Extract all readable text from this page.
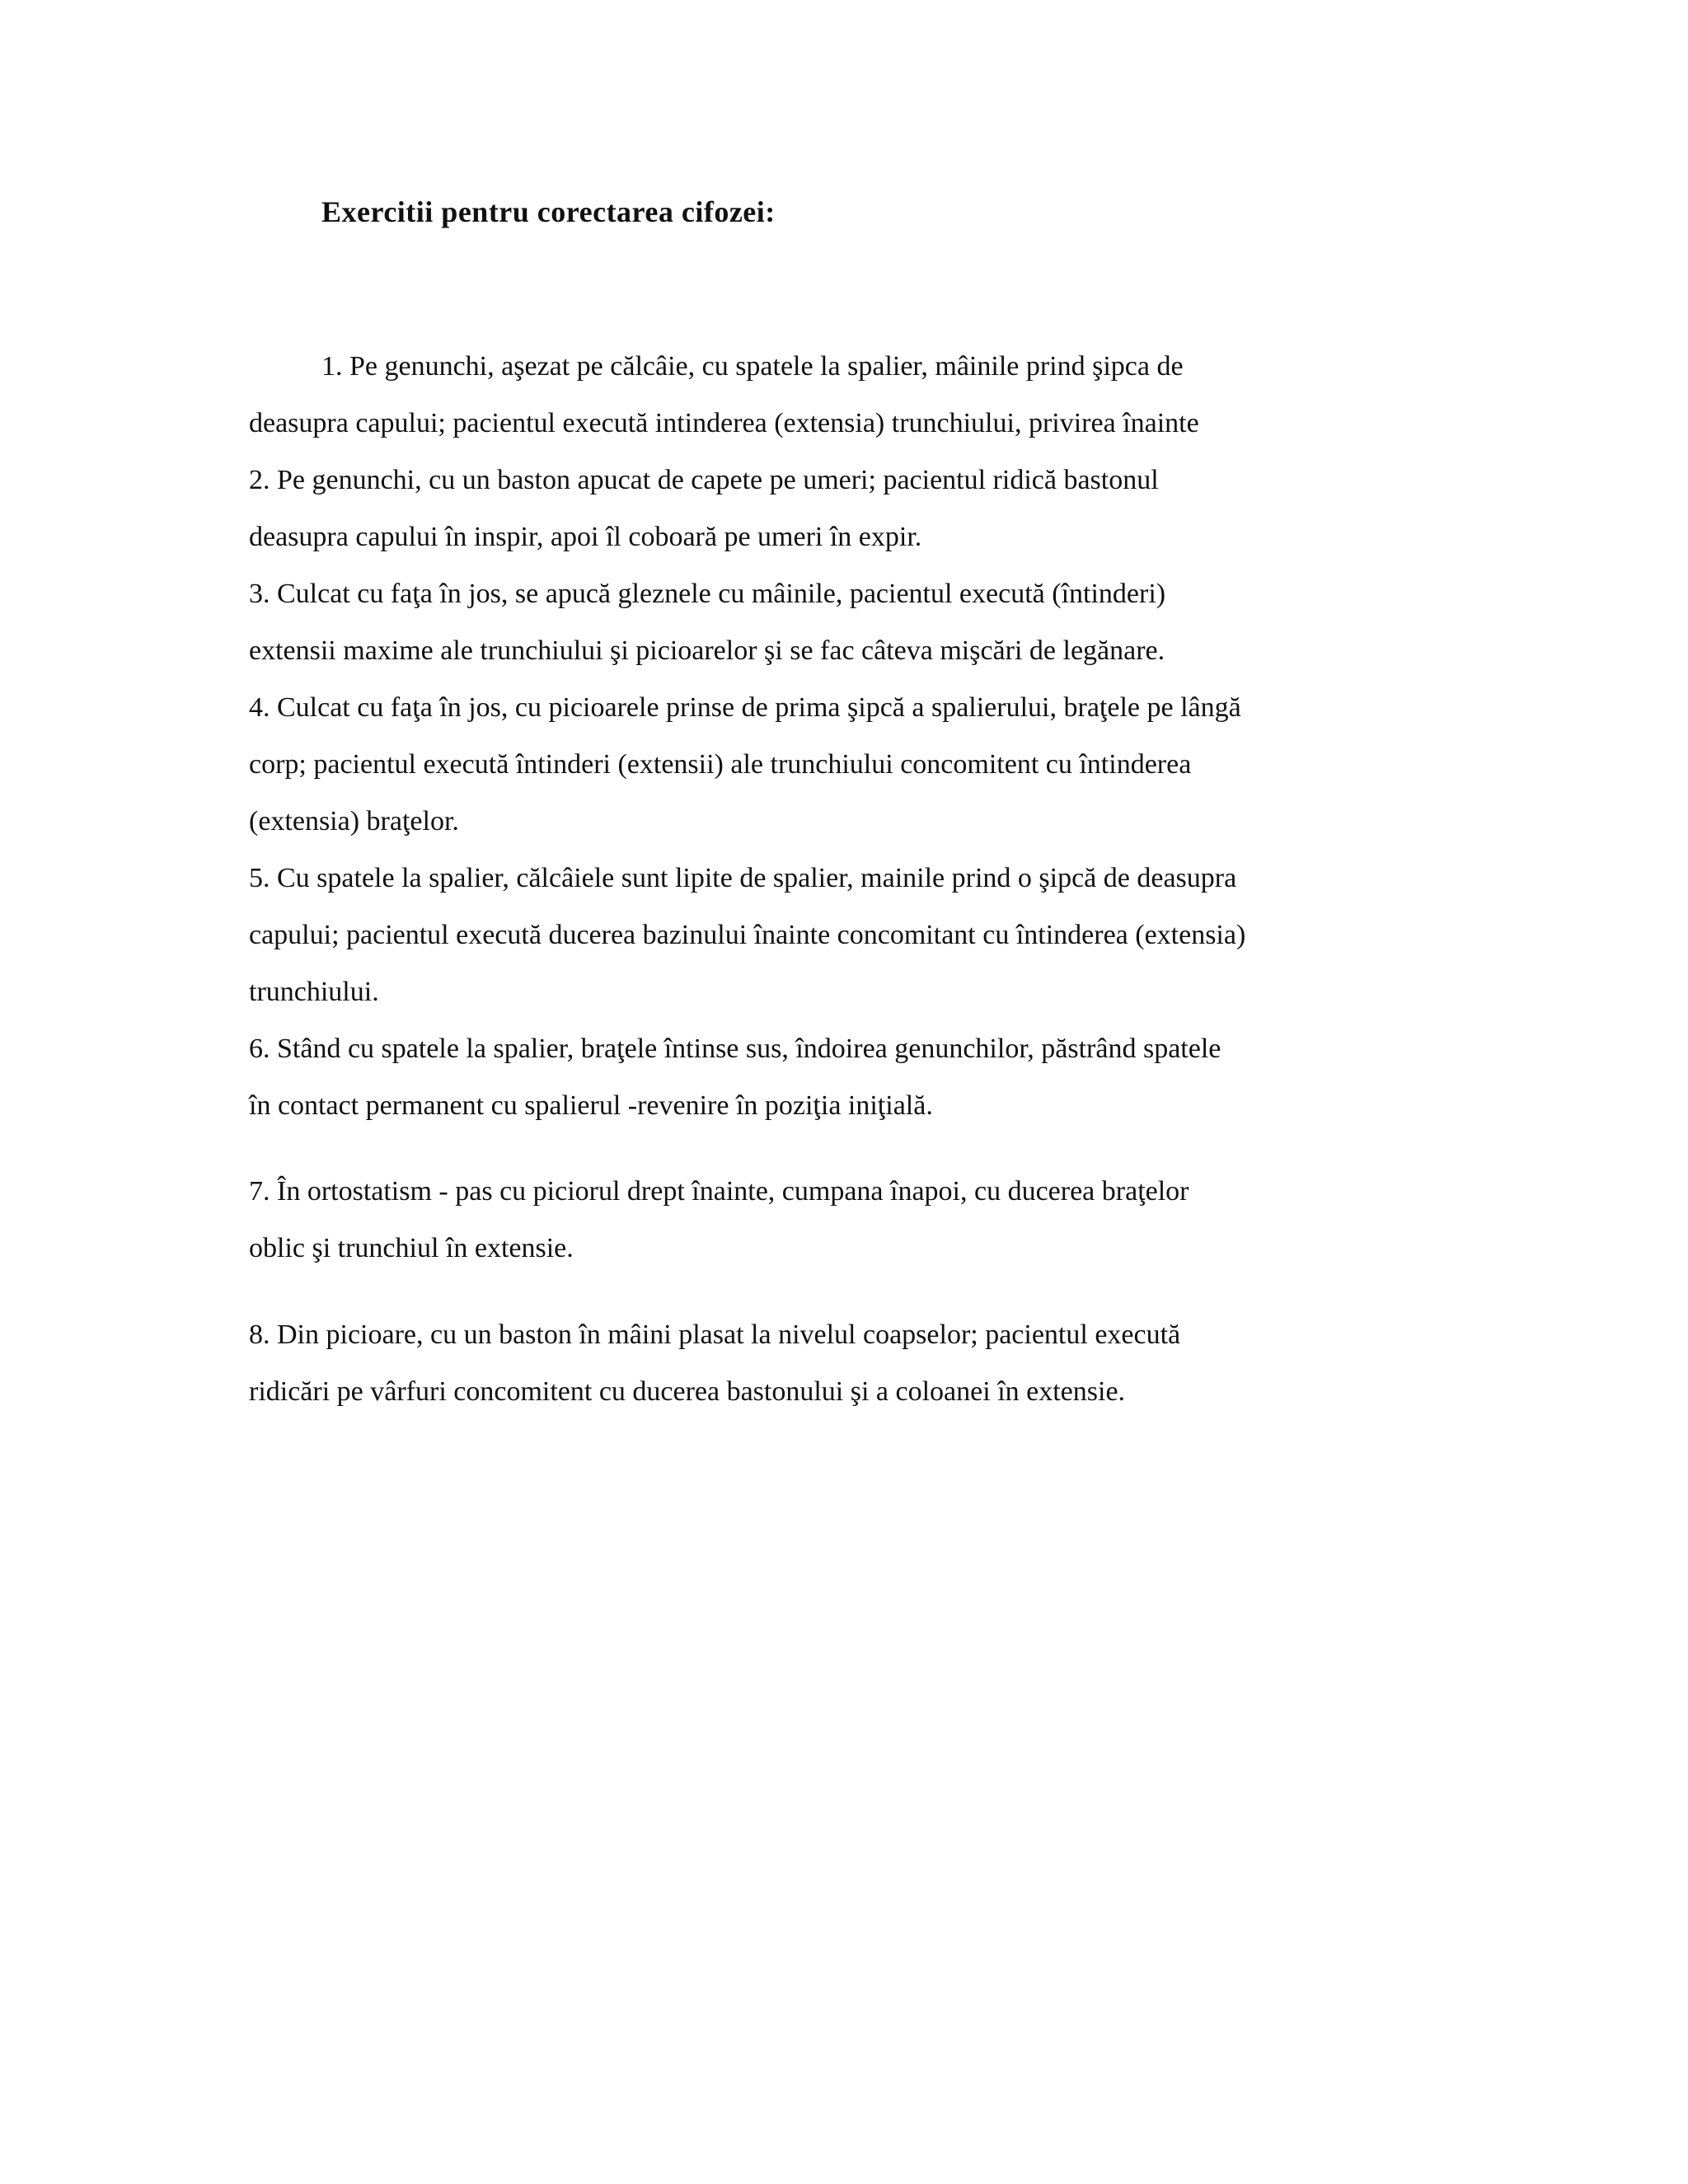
Exercitii pentru corectarea cifozei:
1. Pe genunchi, aşezat pe călcâie, cu spatele la spalier, mâinile prind şipca de
deasupra capului; pacientul execută intinderea (extensia) trunchiului, privirea înainte
2. Pe genunchi, cu un baston apucat de capete pe umeri; pacientul ridică bastonul
deasupra capului în inspir, apoi îl coboară pe umeri în expir.
3. Culcat cu faţa în jos, se apucă gleznele cu mâinile, pacientul execută (întinderi)
extensii maxime ale trunchiului şi picioarelor şi se fac câteva mişcări de legănare.
4. Culcat cu faţa în jos, cu picioarele prinse de prima şipcă a spalierului, braţele pe lângă
corp; pacientul execută întinderi (extensii) ale trunchiului concomitent cu întinderea
(extensia) braţelor.
5. Cu spatele la spalier, călcâiele sunt lipite de spalier, mainile prind o şipcă de deasupra
capului; pacientul execută ducerea bazinului înainte concomitant cu întinderea (extensia)
trunchiului.
6. Stând cu spatele la spalier, braţele întinse sus, îndoirea genunchilor, păstrând spatele
în contact permanent cu spalierul -revenire în poziţia iniţială.
7. În ortostatism - pas cu piciorul drept înainte, cumpana înapoi, cu ducerea braţelor
oblic şi trunchiul în extensie.
8. Din picioare, cu un baston în mâini plasat la nivelul coapselor; pacientul execută
ridicări pe vârfuri concomitent cu ducerea bastonului şi a coloanei în extensie.
